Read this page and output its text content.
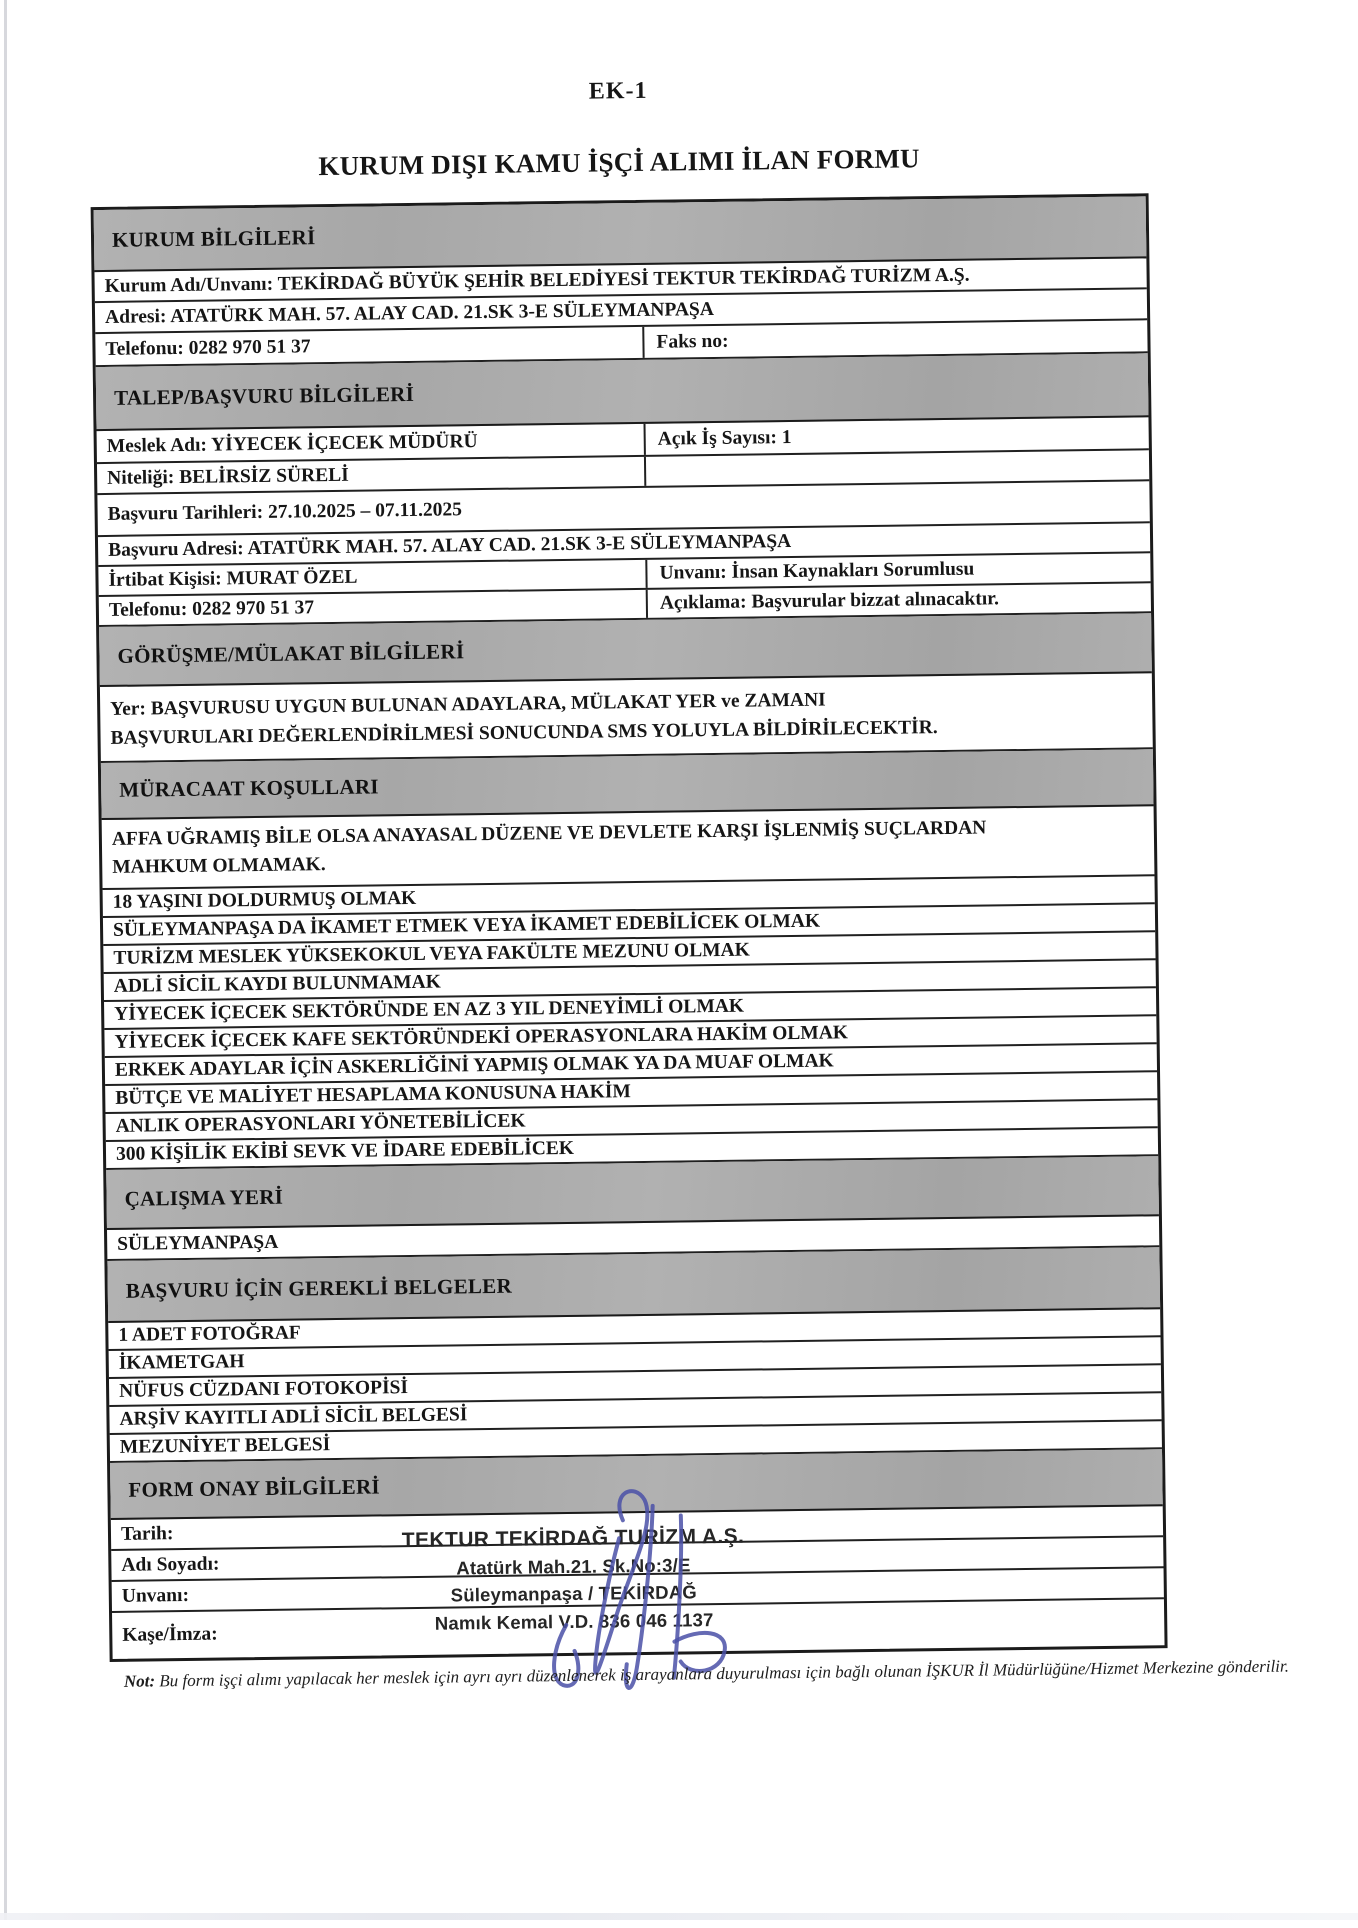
EK-1
KURUM DIŞI KAMU İŞÇİ ALIMI İLAN FORMU
KURUM BİLGİLERİ
Kurum Adı/Unvanı: TEKİRDAĞ BÜYÜK ŞEHİR BELEDİYESİ TEKTUR TEKİRDAĞ TURİZM A.Ş.
Adresi: ATATÜRK MAH. 57. ALAY CAD. 21.SK 3-E SÜLEYMANPAŞA
Telefonu: 0282 970 51 37	Faks no:
TALEP/BAŞVURU BİLGİLERİ
Meslek Adı: YİYECEK İÇECEK MÜDÜRÜ	Açık İş Sayısı: 1
Niteliği: BELİRSİZ SÜRELİ
Başvuru Tarihleri: 27.10.2025 – 07.11.2025
Başvuru Adresi: ATATÜRK MAH. 57. ALAY CAD. 21.SK 3-E SÜLEYMANPAŞA
İrtibat Kişisi: MURAT ÖZEL	Unvanı: İnsan Kaynakları Sorumlusu
Telefonu: 0282 970 51 37	Açıklama: Başvurular bizzat alınacaktır.
GÖRÜŞME/MÜLAKAT BİLGİLERİ
Yer: BAŞVURUSU UYGUN BULUNAN ADAYLARA, MÜLAKAT YER ve ZAMANI BAŞVURULARI DEĞERLENDİRİLMESİ SONUCUNDA SMS YOLUYLA BİLDİRİLECEKTİR.
MÜRACAAT KOŞULLARI
AFFA UĞRAMIŞ BİLE OLSA ANAYASAL DÜZENE VE DEVLETE KARŞI İŞLENMİŞ SUÇLARDAN MAHKUM OLMAMAK.
18 YAŞINI DOLDURMUŞ OLMAK
SÜLEYMANPAŞA DA İKAMET ETMEK VEYA İKAMET EDEBİLİCEK OLMAK
TURİZM MESLEK YÜKSEKOKUL VEYA FAKÜLTE MEZUNU OLMAK
ADLİ SİCİL KAYDI BULUNMAMAK
YİYECEK İÇECEK SEKTÖRÜNDE EN AZ 3 YIL DENEYİMLİ OLMAK
YİYECEK İÇECEK KAFE SEKTÖRÜNDEKİ OPERASYONLARA HAKİM OLMAK
ERKEK ADAYLAR İÇİN ASKERLİĞİNİ YAPMIŞ OLMAK YA DA MUAF OLMAK
BÜTÇE VE MALİYET HESAPLAMA KONUSUNA HAKİM
ANLIK OPERASYONLARI YÖNETEBİLİCEK
300 KİŞİLİK EKİBİ SEVK VE İDARE EDEBİLİCEK
ÇALIŞMA YERİ
SÜLEYMANPAŞA
BAŞVURU İÇİN GEREKLİ BELGELER
1 ADET FOTOĞRAF
İKAMETGAH
NÜFUS CÜZDANI FOTOKOPİSİ
ARŞİV KAYITLI ADLİ SİCİL BELGESİ
MEZUNİYET BELGESİ
FORM ONAY BİLGİLERİ
Tarih:
Adı Soyadı:
Unvanı:
Kaşe/İmza:
TEKTUR TEKİRDAĞ TURİZM A.Ş.
Atatürk Mah.21. Sk.No:3/E
Süleymanpaşa / TEKİRDAĞ
Namık Kemal V.D. 836 046 1137
Not: Bu form işçi alımı yapılacak her meslek için ayrı ayrı düzenlenerek iş arayanlara duyurulması için bağlı olunan İŞKUR İl Müdürlüğüne/Hizmet Merkezine gönderilir.
